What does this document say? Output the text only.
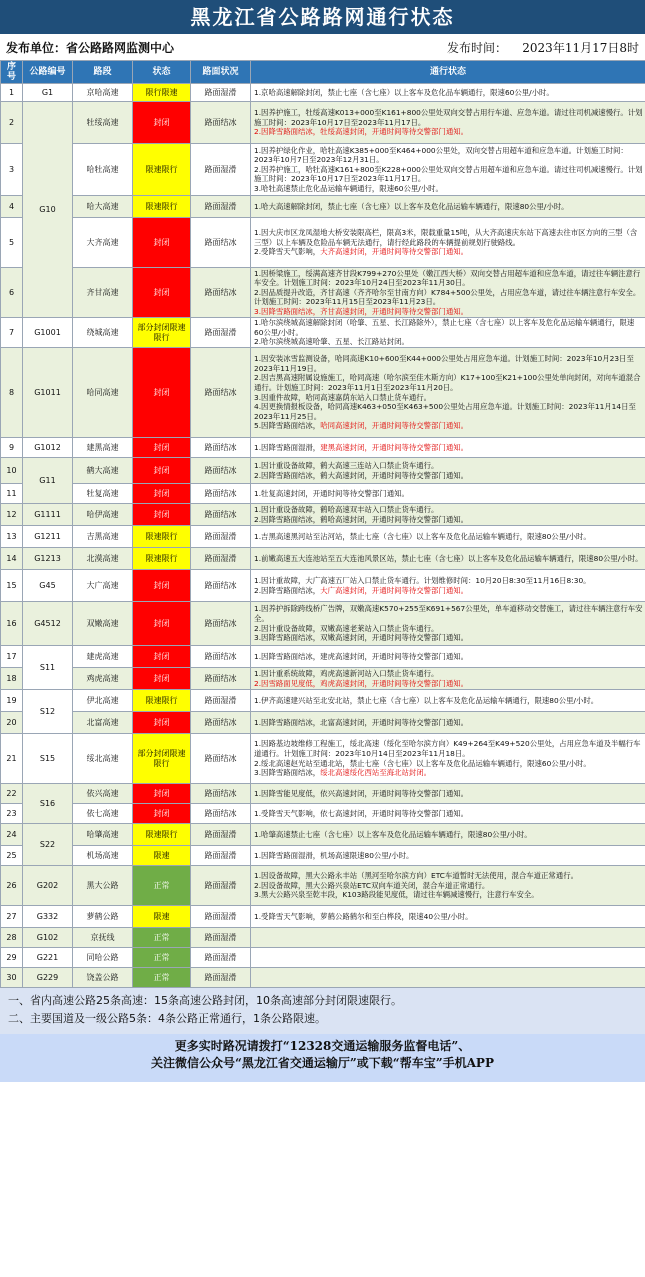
黑龙江省公路路网通行状态
发布单位：省公路路网监测中心	发布时间： 2023年11月17日8时
序号	公路编号	路段	状态	路面状况	通行状态
1	G1	京哈高速	限行限速	路面湿滑	1.京哈高速解除封闭，禁止七座（含七座）以上客车及危化品车辆通行，限速60公里/小时。

2	G10	牡绥高速	封闭	路面结冰	1.因养护施工，牡绥高速K013+000至K161+800公里处双向交替占用行车道、应急车道。请过往司机减速慢行。计划施工时间：2023年10月17日至2023年11月17日。
2.因降雪路面结冰，牡绥高速封闭，开通时间等待交警部门通知。

3		哈牡高速	限速限行	路面湿滑	1.因养护绿化作业，哈牡高速K385+000至K464+000公里处，双向交替占用超车道和应急车道。计划施工时间：2023年10月7日至2023年12月31日。
2.因养护施工，哈牡高速K161+800至K228+000公里处双向交替占用超车道和应急车道。请过往司机减速慢行。计划施工时间：2023年10月17日至2023年11月17日。
3.哈牡高速禁止危化品运输车辆通行，限速60公里/小时。

4		哈大高速	限速限行	路面湿滑	1.哈大高速解除封闭，禁止七座（含七座）以上客车及危化品运输车辆通行，限速80公里/小时。

5		大齐高速	封闭	路面结冰	1.因大庆市区龙凤湿地大桥安装限高栏，限高3米，限载重量15吨，从大齐高速庆东站下高速去往市区方向的三型（含三型）以上车辆及危险品车辆无法通行，请行经此路段的车辆提前规划行驶路线。
2.受降雪天气影响，大齐高速封闭，开通时间等待交警部门通知。

6		齐甘高速	封闭	路面结冰	1.因桥梁施工，绥满高速齐甘段K799+270公里处（嫩江西大桥）双向交替占用超车道和应急车道，请过往车辆注意行车安全。计划施工时间：2023年10月24日至2023年11月30日。
2.因品质提升改造，齐甘高速（齐齐哈尔至甘南方向）K784+500公里处，占用应急车道，请过往车辆注意行车安全。计划施工时间：2023年11月15日至2023年11月23日。
3.因降雪路面结冰，齐甘高速封闭，开通时间等待交警部门通知。

7	G1001	绕城高速	部分封闭限速限行	路面湿滑	1.哈尔滨绕城高速解除封闭（哈肇、五星、长江路除外），禁止七座（含七座）以上客车及危化品运输车辆通行，限速60公里/小时。
2.哈尔滨绕城高速哈肇、五星、长江路站封闭。

8	G1011	哈同高速	封闭	路面结冰	1.因安装冰雪监测设备，哈同高速K10+600至K44+000公里处占用应急车道。计划施工时间：2023年10月23日至2023年11月19日。
2.因吉黑高速附属设施施工，哈同高速（哈尔滨至佳木斯方向）K17+100至K21+100公里处单向封闭，对向车道混合通行。计划施工时间：2023年11月1日至2023年11月20日。
3.因重件故障，哈同高速嘉荫东站入口禁止货车通行。
4.因更换情报板设备，哈同高速K463+050至K463+500公里处占用应急车道。计划施工时间：2023年11月14日至2023年11月25日。
5.因降雪路面结冰，哈同高速封闭，开通时间等待交警部门通知。

9	G1012	建黑高速	封闭	路面结冰	1.因降雪路面湿滑，建黑高速封闭，开通时间等待交警部门通知。

10	G11	鹤大高速	封闭	路面结冰	1.因计重设备故障，鹤大高速三连站入口禁止货车通行。
2.因降雪路面结冰，鹤大高速封闭，开通时间等待交警部门通知。

11		牡复高速	封闭	路面结冰	1.牡复高速封闭，开通时间等待交警部门通知。

12	G1111	哈伊高速	封闭	路面结冰	1.因计重设备故障，鹤哈高速双丰站入口禁止货车通行。
2.因降雪路面结冰，鹤哈高速封闭，开通时间等待交警部门通知。

13	G1211	吉黑高速	限速限行	路面湿滑	1.吉黑高速黑河站至沾河站，禁止七座（含七座）以上客车及危化品运输车辆通行，限速80公里/小时。

14	G1213	北漠高速	限速限行	路面湿滑	1.前嫩高速五大连池站至五大连池风景区站，禁止七座（含七座）以上客车及危化品运输车辆通行，限速80公里/小时。

15	G45	大广高速	封闭	路面结冰	1.因计重故障，大广高速五厂站入口禁止货车通行。计划维修时间：10月20日8:30至11月16日8:30。
2.因降雪路面结冰，大广高速封闭，开通时间等待交警部门通知。

16	G4512	双嫩高速	封闭	路面结冰	1.因养护拆除跨线桥广告牌，双嫩高速K570+255至K691+567公里处，单车道移动交替施工，请过往车辆注意行车安全。
2.因计重设备故障，双嫩高速老莱站入口禁止货车通行。
3.因降雪路面结冰，双嫩高速封闭，开通时间等待交警部门通知。

17	S11	建虎高速	封闭	路面结冰	1.因降雪路面结冰，建虎高速封闭，开通时间等待交警部门通知。

18		鸡虎高速	封闭	路面结冰	1.因计重系统故障，鸡虎高速新河站入口禁止货车通行。
2.因雪路面见度低，鸡虎高速封闭，开通时间等待交警部门通知。

19	S12	伊北高速	限速限行	路面湿滑	1.伊齐高速建兴站至北安北站，禁止七座（含七座）以上客车及危化品运输车辆通行，限速80公里/小时。

20		北富高速	封闭	路面结冰	1.因降雪路面结冰，北富高速封闭，开通时间等待交警部门通知。

21	S15	绥北高速	部分封闭限速限行	路面结冰	1.因路基边坡维修工程施工，绥北高速（绥化至哈尔滨方向）K49+264至K49+520公里处，占用应急车道及半幅行车道通行。计划施工时间：2023年10月14日至2023年11月18日。
2.绥北高速赵光站至通北站，禁止七座（含七座）以上客车及危化品运输车辆通行，限速60公里/小时。
3.因降雪路面结冰，绥北高速绥化西站至海北站封闭。

22	S16	依兴高速	封闭	路面结冰	1.因降雪能见度低，依兴高速封闭，开通时间等待交警部门通知。

23		依七高速	封闭	路面结冰	1.受降雪天气影响，依七高速封闭，开通时间等待交警部门通知。

24	S22	哈肇高速	限速限行	路面湿滑	1.哈肇高速禁止七座（含七座）以上客车及危化品运输车辆通行，限速80公里/小时。

25		机场高速	限速	路面湿滑	1.因降雪路面湿滑，机场高速限速80公里/小时。

26	G202	黑大公路	正常	路面湿滑	1.因设备故障，黑大公路永丰站（黑河至哈尔滨方向）ETC车道暂时无法使用，混合车道正常通行。
2.因设备故障，黑大公路兴泉站ETC双向车道关闭，混合车道正常通行。
3.黑大公路兴泉至乾丰段，K103路段能见度低，请过往车辆减速慢行，注意行车安全。

27	G332	萝鹤公路	限速	路面湿滑	1.受降雪天气影响，萝鹤公路鹤尔和至白桦段，限速40公里/小时。

28	G102	京抚线	正常	路面湿滑	
29	G221	同哈公路	正常	路面湿滑	
30	G229	饶盖公路	正常	路面湿滑	
一、省内高速公路25条高速：15条高速公路封闭，10条高速部分封闭限速限行。
二、主要国道及一级公路5条：4条公路正常通行，1条公路限速。
更多实时路况请拨打“12328交通运输服务监督电话”、
关注微信公众号“黑龙江省交通运输厅”或下载“帮车宝”手机APP
